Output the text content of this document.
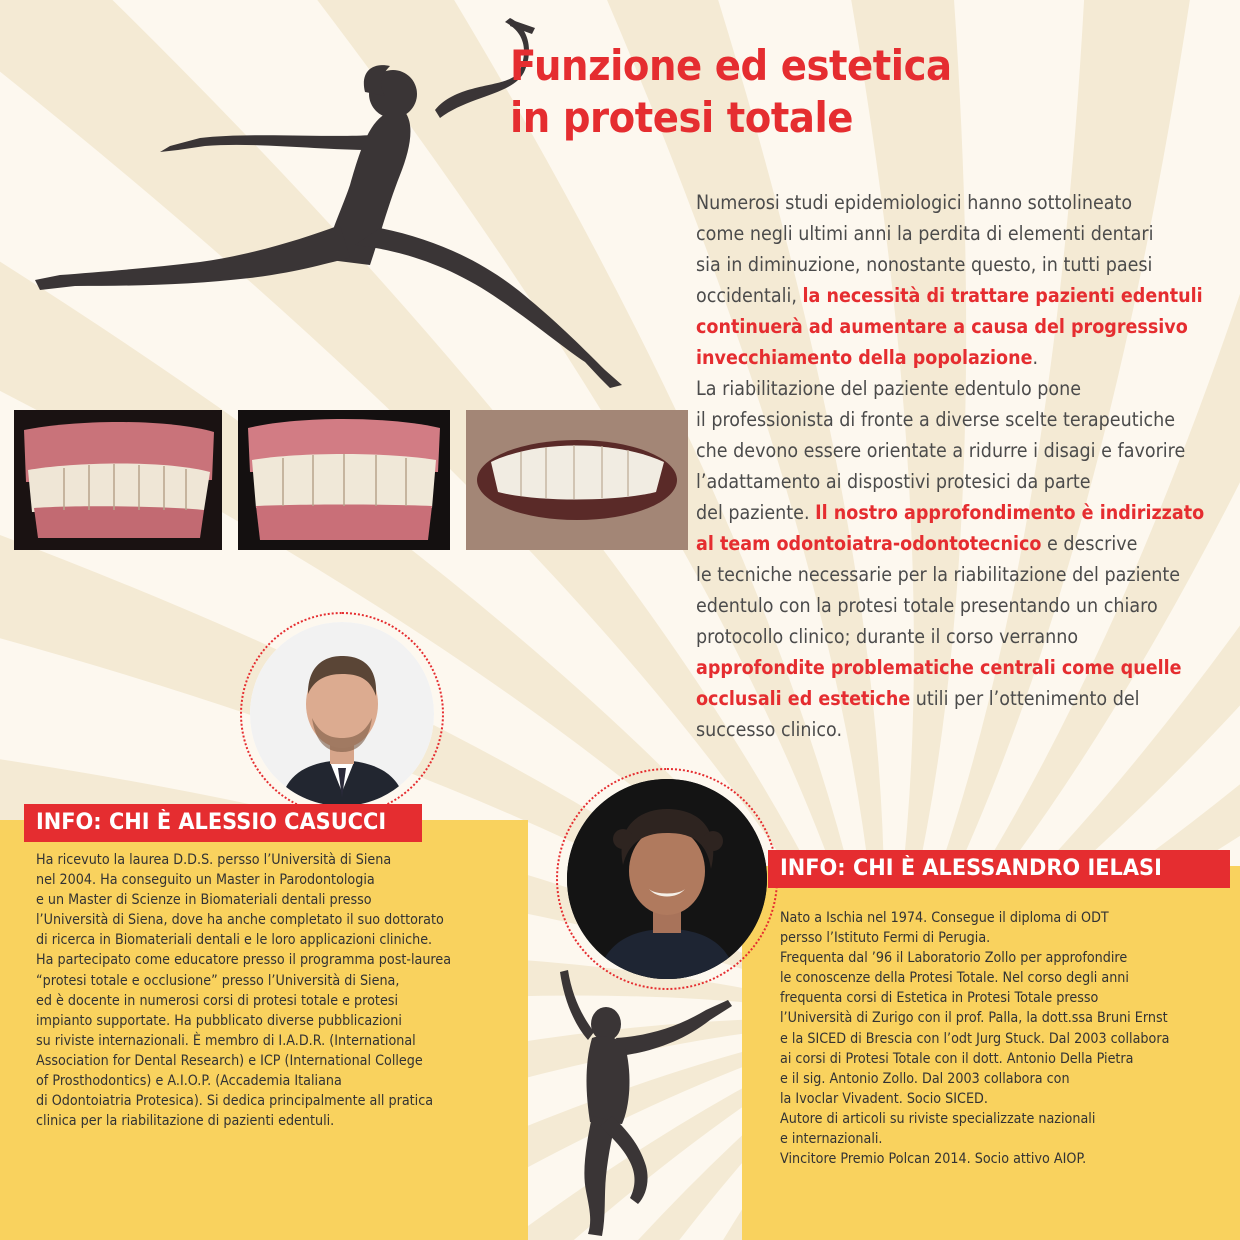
Funzione ed estetica
in protesi totale
Numerosi studi epidemiologici hanno sottolineato
come negli ultimi anni la perdita di elementi dentari
sia in diminuzione, nonostante questo, in tutti paesi
occidentali, la necessità di trattare pazienti edentuli
continuerà ad aumentare a causa del progressivo
invecchiamento della popolazione.
La riabilitazione del paziente edentulo pone
il professionista di fronte a diverse scelte terapeutiche
che devono essere orientate a ridurre i disagi e favorire
l’adattamento ai dispostivi protesici da parte
del paziente. Il nostro approfondimento è indirizzato
al team odontoiatra-odontotecnico e descrive
le tecniche necessarie per la riabilitazione del paziente
edentulo con la protesi totale presentando un chiaro
protocollo clinico; durante il corso verranno
approfondite problematiche centrali come quelle
occlusali ed estetiche utili per l’ottenimento del
successo clinico.
INFO: CHI È ALESSIO CASUCCI
Ha ricevuto la laurea D.D.S. persso l’Università di Siena
nel 2004. Ha conseguito un Master in Parodontologia
e un Master di Scienze in Biomateriali dentali presso
l’Università di Siena, dove ha anche completato il suo dottorato
di ricerca in Biomateriali dentali e le loro applicazioni cliniche.
Ha partecipato come educatore presso il programma post-laurea
“protesi totale e occlusione” presso l’Università di Siena,
ed è docente in numerosi corsi di protesi totale e protesi
impianto supportate. Ha pubblicato diverse pubblicazioni
su riviste internazionali. È membro di I.A.D.R. (International
Association for Dental Research) e ICP (International College
of Prosthodontics) e A.I.O.P. (Accademia Italiana
di Odontoiatria Protesica). Si dedica principalmente all pratica
clinica per la riabilitazione di pazienti edentuli.
INFO: CHI È ALESSANDRO IELASI
Nato a Ischia nel 1974. Consegue il diploma di ODT
persso l’Istituto Fermi di Perugia.
Frequenta dal ’96 il Laboratorio Zollo per approfondire
le conoscenze della Protesi Totale. Nel corso degli anni
frequenta corsi di Estetica in Protesi Totale presso
l’Università di Zurigo con il prof. Palla, la dott.ssa Bruni Ernst
e la SICED di Brescia con l’odt Jurg Stuck. Dal 2003 collabora
ai corsi di Protesi Totale con il dott. Antonio Della Pietra
e il sig. Antonio Zollo. Dal 2003 collabora con
la Ivoclar Vivadent. Socio SICED.
Autore di articoli su riviste specializzate nazionali
e internazionali.
Vincitore Premio Polcan 2014. Socio attivo AIOP.
